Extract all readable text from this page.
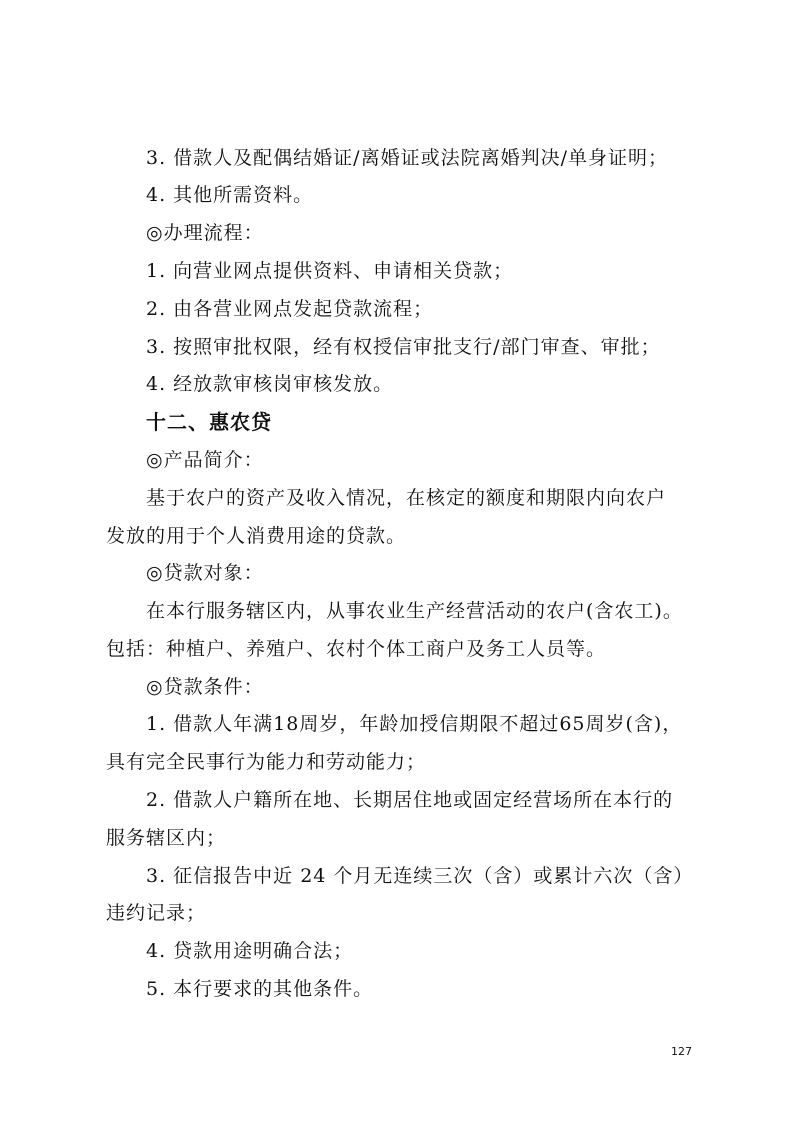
3. 借款人及配偶结婚证/离婚证或法院离婚判决/单身证明；
4. 其他所需资料。
◎办理流程：
1. 向营业网点提供资料、申请相关贷款；
2. 由各营业网点发起贷款流程；
3. 按照审批权限，经有权授信审批支行/部门审查、审批；
4. 经放款审核岗审核发放。
十二、惠农贷
◎产品简介：
基于农户的资产及收入情况，在核定的额度和期限内向农户
发放的用于个人消费用途的贷款。
◎贷款对象：
在本行服务辖区内，从事农业生产经营活动的农户(含农工)。
包括：种植户、养殖户、农村个体工商户及务工人员等。
◎贷款条件：
1. 借款人年满18周岁，年龄加授信期限不超过65周岁(含)，
具有完全民事行为能力和劳动能力；
2. 借款人户籍所在地、长期居住地或固定经营场所在本行的
服务辖区内；
3. 征信报告中近 24 个月无连续三次（含）或累计六次（含）
违约记录；
4. 贷款用途明确合法；
5. 本行要求的其他条件。
127
